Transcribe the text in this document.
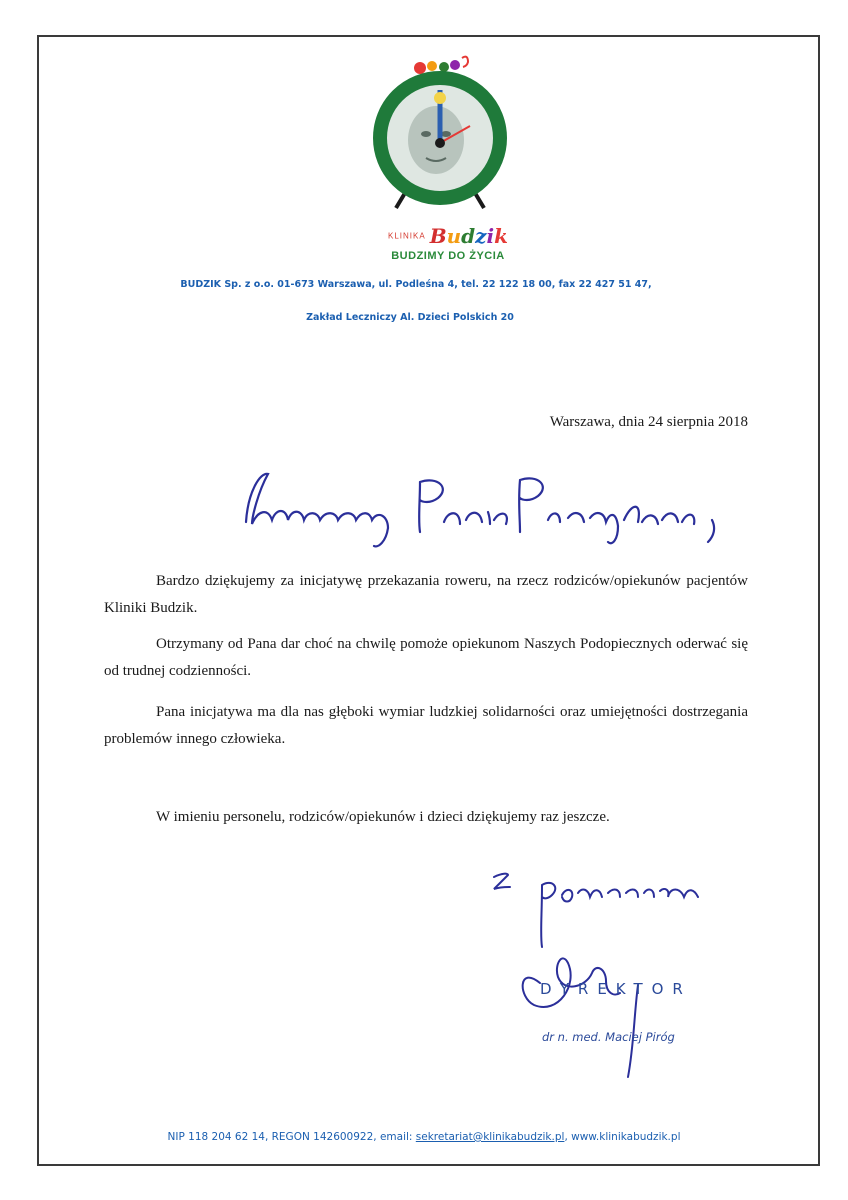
KLINIKA Budzik
BUDZIMY DO ŻYCIA
BUDZIK Sp. z o.o. 01-673 Warszawa, ul. Podleśna 4, tel. 22 122 18 00, fax 22 427 51 47,
Zakład Leczniczy Al. Dzieci Polskich 20
Warszawa, dnia 24 sierpnia 2018

Bardzo dziękujemy za inicjatywę przekazania roweru, na rzecz rodziców/opiekunów pacjentów Kliniki Budzik.

Otrzymany od Pana dar choć na chwilę pomoże opiekunom Naszych Podopiecznych oderwać się od trudnej codzienności.

Pana inicjatywa ma dla nas głęboki wymiar ludzkiej solidarności oraz umiejętności dostrzegania problemów innego człowieka.

W imieniu personelu, rodziców/opiekunów i dzieci dziękujemy raz jeszcze.

DYREKTOR
dr n. med. Maciej Piróg
NIP 118 204 62 14, REGON 142600922, email: sekretariat@klinikabudzik.pl, www.klinikabudzik.pl
